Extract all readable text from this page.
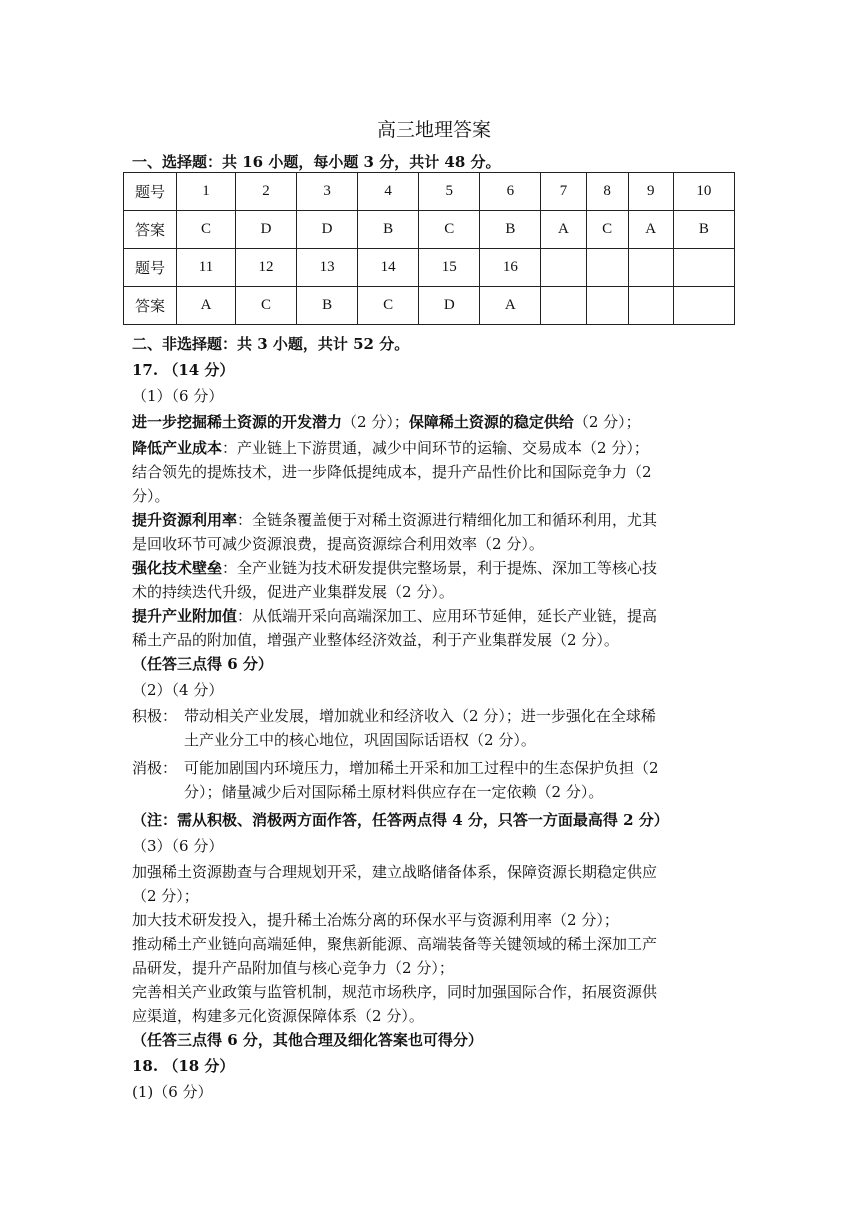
高三地理答案
一、选择题：共 16 小题，每小题 3 分，共计 48 分。
题号	1	2	3	4	5	6	7	8	9	10
答案	C	D	D	B	C	B	A	C	A	B
题号	11	12	13	14	15	16				
答案	A	C	B	C	D	A				
二、非选择题：共 3 小题，共计 52 分。
17. （14 分）
（1）（6 分）
进一步挖掘稀土资源的开发潜力（2 分）；保障稀土资源的稳定供给（2 分）；
降低产业成本：产业链上下游贯通，减少中间环节的运输、交易成本（2 分）；
结合领先的提炼技术，进一步降低提纯成本，提升产品性价比和国际竞争力（2
分）。
提升资源利用率：全链条覆盖便于对稀土资源进行精细化加工和循环利用，尤其
是回收环节可减少资源浪费，提高资源综合利用效率（2 分）。
强化技术壁垒：全产业链为技术研发提供完整场景，利于提炼、深加工等核心技
术的持续迭代升级，促进产业集群发展（2 分）。
提升产业附加值：从低端开采向高端深加工、应用环节延伸，延长产业链，提高
稀土产品的附加值，增强产业整体经济效益，利于产业集群发展（2 分）。
（任答三点得 6 分）
（2）（4 分）
积极： 带动相关产业发展，增加就业和经济收入（2 分）；进一步强化在全球稀
土产业分工中的核心地位，巩固国际话语权（2 分）。
消极： 可能加剧国内环境压力，增加稀土开采和加工过程中的生态保护负担（2
分）；储量减少后对国际稀土原材料供应存在一定依赖（2 分）。
（注：需从积极、消极两方面作答，任答两点得 4 分，只答一方面最高得 2 分）
（3）（6 分）
加强稀土资源勘查与合理规划开采，建立战略储备体系，保障资源长期稳定供应
（2 分）；
加大技术研发投入，提升稀土冶炼分离的环保水平与资源利用率（2 分）；
推动稀土产业链向高端延伸，聚焦新能源、高端装备等关键领域的稀土深加工产
品研发，提升产品附加值与核心竞争力（2 分）；
完善相关产业政策与监管机制，规范市场秩序，同时加强国际合作，拓展资源供
应渠道，构建多元化资源保障体系（2 分）。
（任答三点得 6 分，其他合理及细化答案也可得分）
18. （18 分）
(1)（6 分）
